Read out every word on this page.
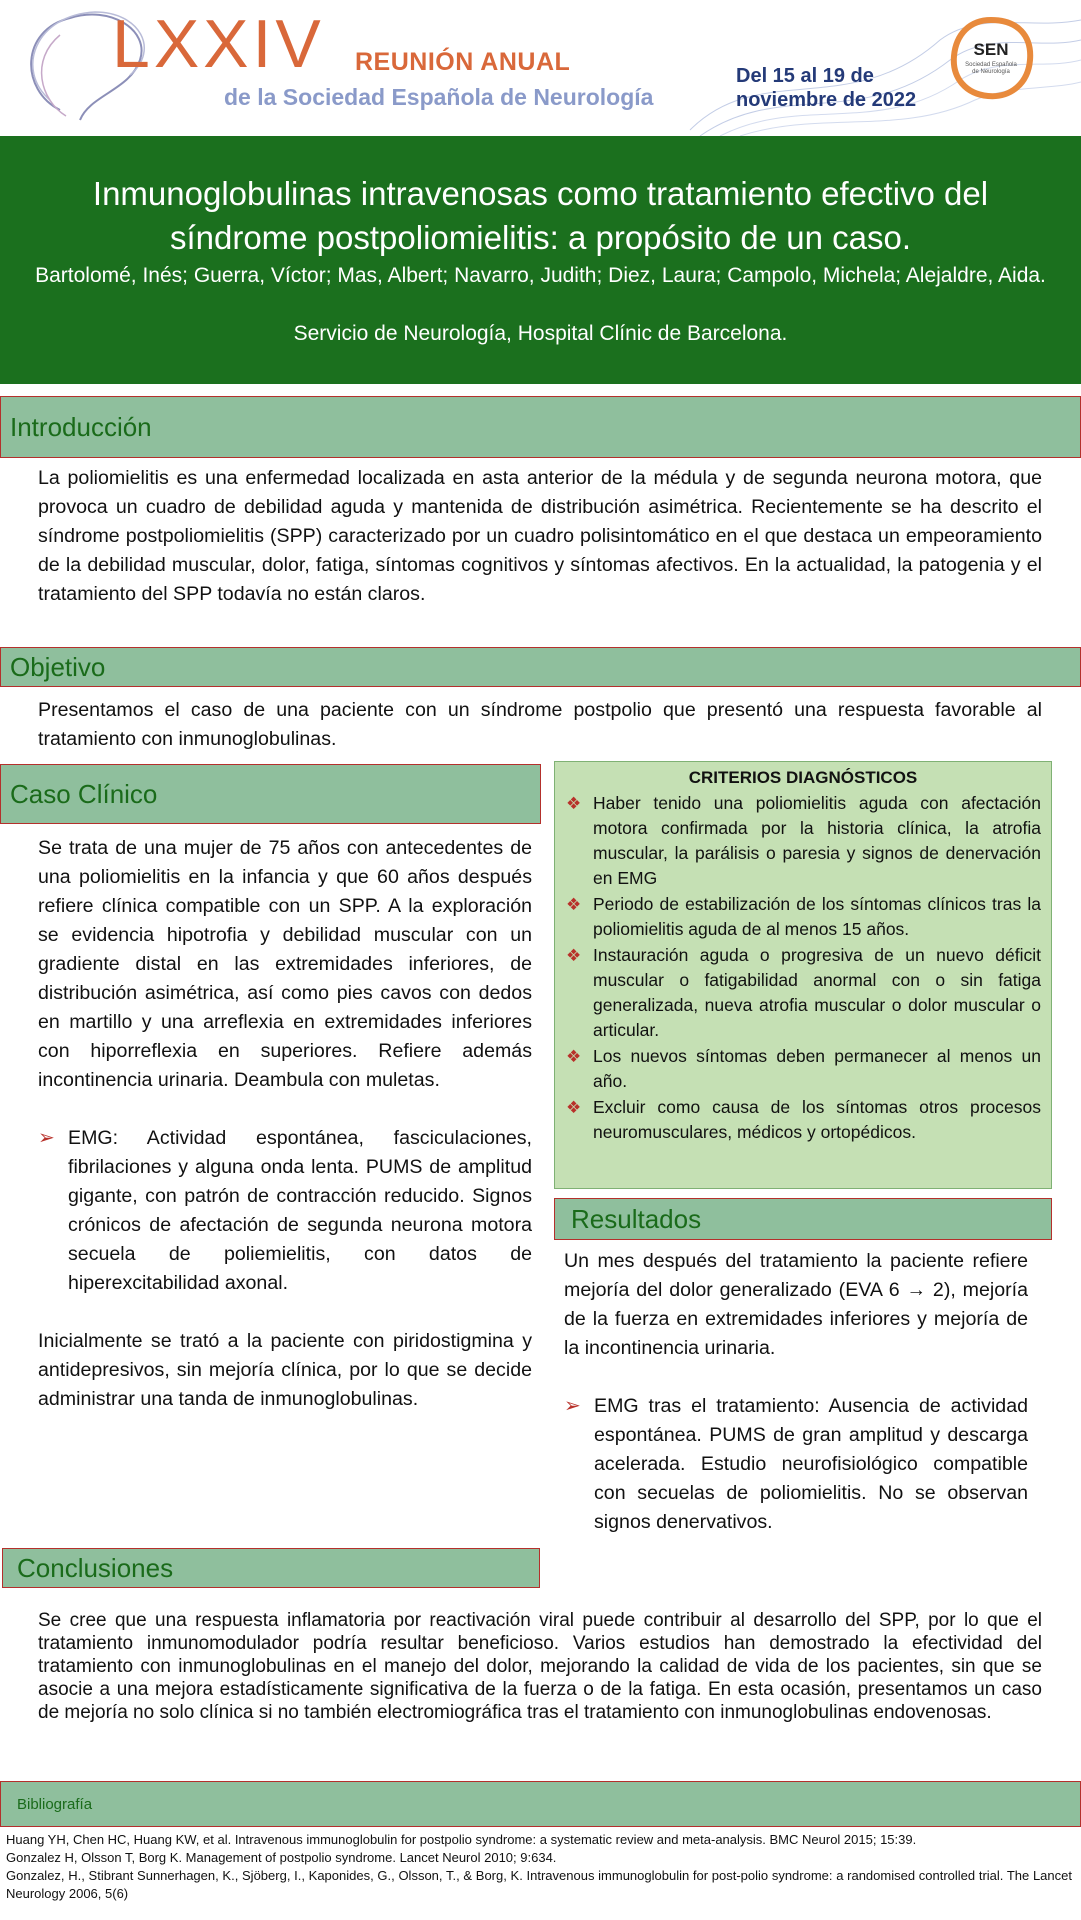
LXXIV REUNIÓN ANUAL
de la Sociedad Española de Neurología
Del 15 al 19 de
noviembre de 2022
SEN
Sociedad Española
de Neurología
Inmunoglobulinas intravenosas como tratamiento efectivo del síndrome postpoliomielitis: a propósito de un caso.
Bartolomé, Inés; Guerra, Víctor; Mas, Albert; Navarro, Judith; Diez, Laura; Campolo, Michela; Alejaldre, Aida.
Servicio de Neurología, Hospital Clínic de Barcelona.
Introducción

La poliomielitis es una enfermedad localizada en asta anterior de la médula y de segunda neurona motora, que provoca un cuadro de debilidad aguda y mantenida de distribución asimétrica. Recientemente se ha descrito el síndrome postpoliomielitis (SPP) caracterizado por un cuadro polisintomático en el que destaca un empeoramiento de la debilidad muscular, dolor, fatiga, síntomas cognitivos y síntomas afectivos. En la actualidad, la patogenia y el tratamiento del SPP todavía no están claros.

Objetivo

Presentamos el caso de una paciente con un síndrome postpolio que presentó una respuesta favorable al tratamiento con inmunoglobulinas.

Caso Clínico

Se trata de una mujer de 75 años con antecedentes de una poliomielitis en la infancia y que 60 años después refiere clínica compatible con un SPP. A la exploración se evidencia hipotrofia y debilidad muscular con un gradiente distal en las extremidades inferiores, de distribución asimétrica, así como pies cavos con dedos en martillo y una arreflexia en extremidades inferiores con hiporreflexia en superiores. Refiere además incontinencia urinaria. Deambula con muletas.

➢ EMG: Actividad espontánea, fasciculaciones, fibrilaciones y alguna onda lenta. PUMS de amplitud gigante, con patrón de contracción reducido. Signos crónicos de afectación de segunda neurona motora secuela de poliemielitis, con datos de hiperexcitabilidad axonal.

Inicialmente se trató a la paciente con piridostigmina y antidepresivos, sin mejoría clínica, por lo que se decide administrar una tanda de inmunoglobulinas.

CRITERIOS DIAGNÓSTICOS
❖ Haber tenido una poliomielitis aguda con afectación motora confirmada por la historia clínica, la atrofia muscular, la parálisis o paresia y signos de denervación en EMG
❖ Periodo de estabilización de los síntomas clínicos tras la poliomielitis aguda de al menos 15 años.
❖ Instauración aguda o progresiva de un nuevo déficit muscular o fatigabilidad anormal con o sin fatiga generalizada, nueva atrofia muscular o dolor muscular o articular.
❖ Los nuevos síntomas deben permanecer al menos un año.
❖ Excluir como causa de los síntomas otros procesos neuromusculares, médicos y ortopédicos.
Resultados

Un mes después del tratamiento la paciente refiere mejoría del dolor generalizado (EVA 6 → 2), mejoría de la fuerza en extremidades inferiores y mejoría de la incontinencia urinaria.

➢ EMG tras el tratamiento: Ausencia de actividad espontánea. PUMS de gran amplitud y descarga acelerada. Estudio neurofisiológico compatible con secuelas de poliomielitis. No se observan signos denervativos.
Conclusiones

Se cree que una respuesta inflamatoria por reactivación viral puede contribuir al desarrollo del SPP, por lo que el tratamiento inmunomodulador podría resultar beneficioso. Varios estudios han demostrado la efectividad del tratamiento con inmunoglobulinas en el manejo del dolor, mejorando la calidad de vida de los pacientes, sin que se asocie a una mejora estadísticamente significativa de la fuerza o de la fatiga. En esta ocasión, presentamos un caso de mejoría no solo clínica si no también electromiográfica tras el tratamiento con inmunoglobulinas endovenosas.

Bibliografía

Huang YH, Chen HC, Huang KW, et al. Intravenous immunoglobulin for postpolio syndrome: a systematic review and meta-analysis. BMC Neurol 2015; 15:39.

Gonzalez H, Olsson T, Borg K. Management of postpolio syndrome. Lancet Neurol 2010; 9:634.

Gonzalez, H., Stibrant Sunnerhagen, K., Sjöberg, I., Kaponides, G., Olsson, T., & Borg, K. Intravenous immunoglobulin for post-polio syndrome: a randomised controlled trial. The Lancet Neurology 2006, 5(6)
